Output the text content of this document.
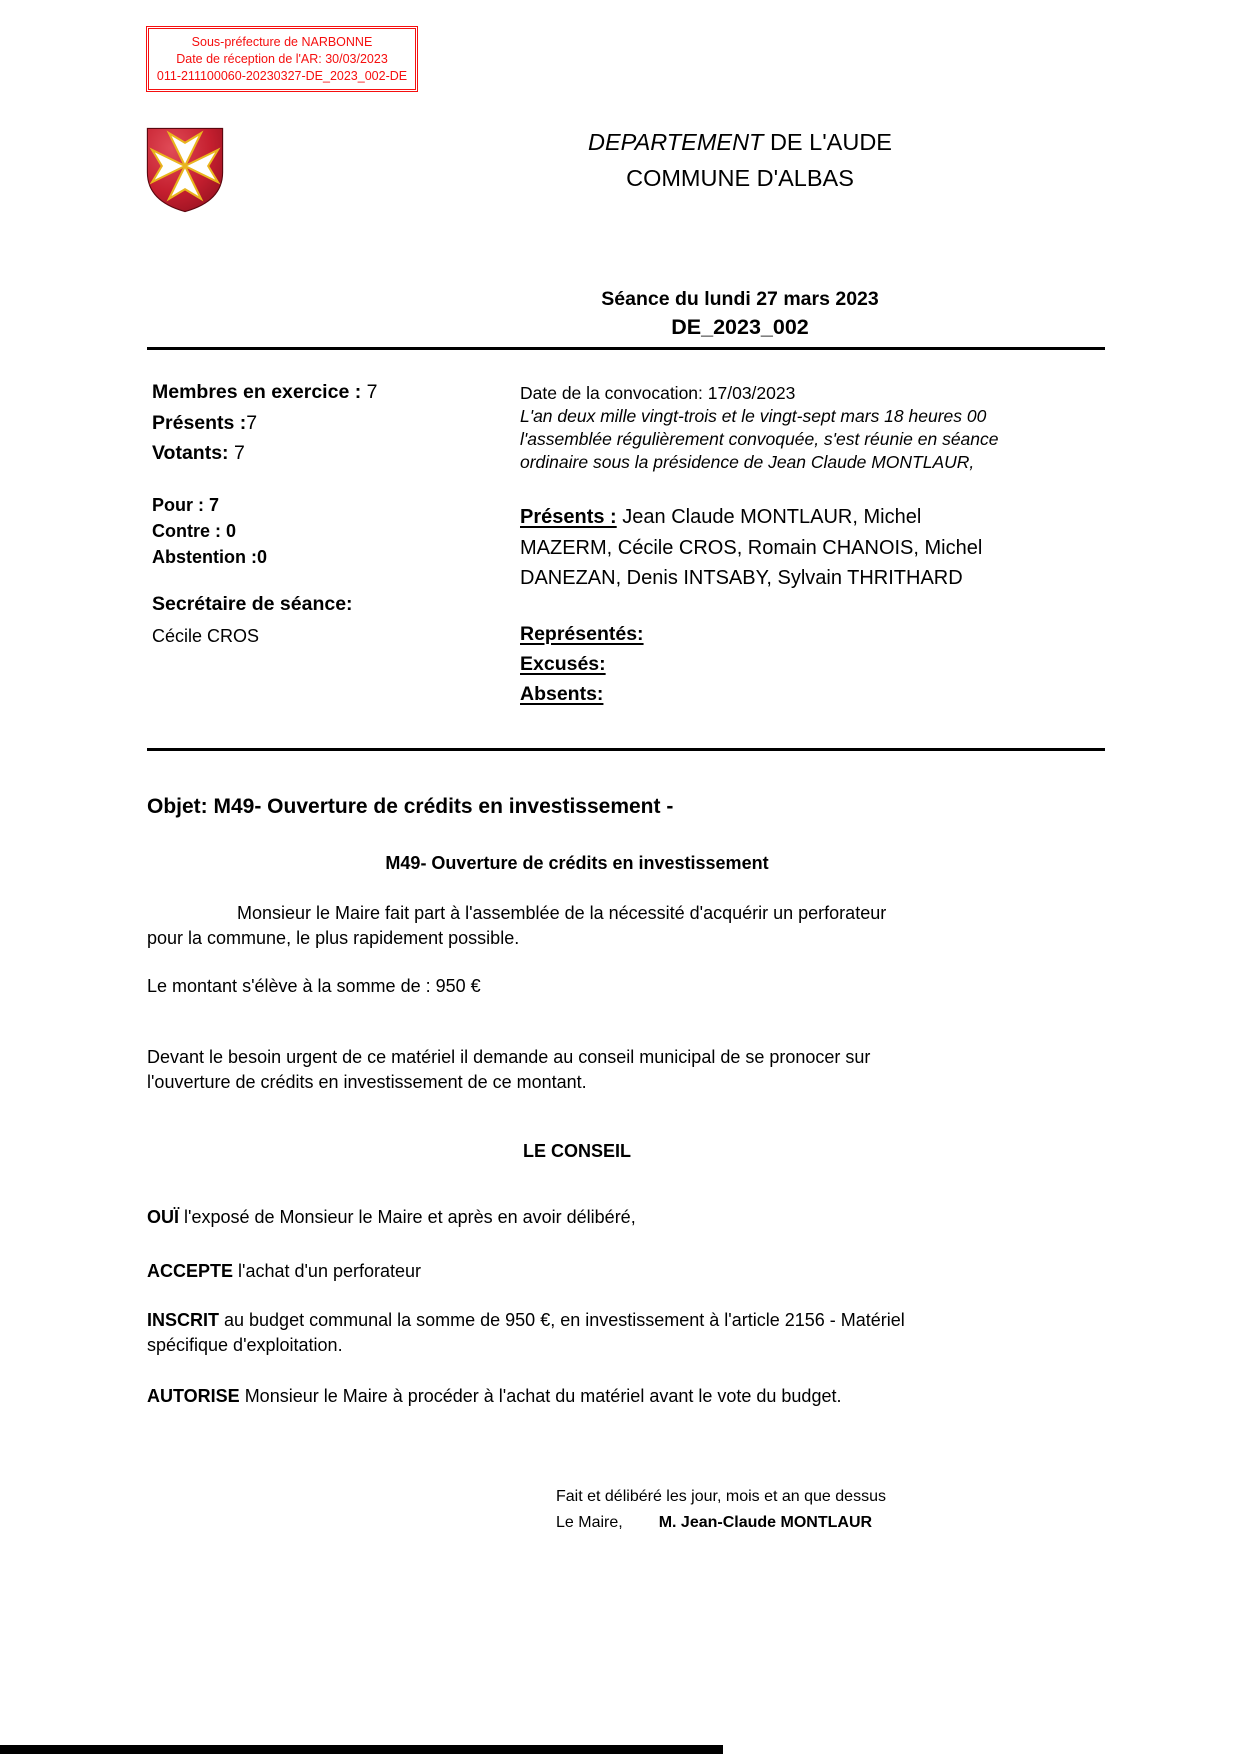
Sous-préfecture de NARBONNE
Date de réception de l'AR: 30/03/2023
011-211100060-20230327-DE_2023_002-DE
DEPARTEMENT DE L'AUDE
COMMUNE D'ALBAS
Séance du lundi 27 mars 2023
DE_2023_002
Membres en exercice : 7
Présents :7
Votants: 7
Pour : 7
Contre : 0
Abstention :0
Secrétaire de séance:
Cécile CROS
Date de la convocation: 17/03/2023
L'an deux mille vingt-trois et le vingt-sept mars 18 heures 00
l'assemblée régulièrement convoquée, s'est réunie en séance
ordinaire sous la présidence de Jean Claude MONTLAUR,
Présents : Jean Claude MONTLAUR, Michel
MAZERM, Cécile CROS, Romain CHANOIS, Michel
DANEZAN, Denis INTSABY, Sylvain THRITHARD
Représentés:
Excusés:
Absents:
Objet: M49- Ouverture de crédits en investissement -
M49- Ouverture de crédits en investissement
Monsieur le Maire fait part à l'assemblée de la nécessité d'acquérir un perforateur
pour la commune, le plus rapidement possible.
Le montant s'élève à la somme de : 950 €
Devant le besoin urgent de ce matériel il demande au conseil municipal de se pronocer sur
l'ouverture de crédits en investissement de ce montant.
LE CONSEIL
OUÏ l'exposé de Monsieur le Maire et après en avoir délibéré,
ACCEPTE l'achat d'un perforateur
INSCRIT au budget communal la somme de 950 €, en investissement à l'article 2156 - Matériel
spécifique d'exploitation.
AUTORISE Monsieur le Maire à procéder à l'achat du matériel avant le vote du budget.
Fait et délibéré les jour, mois et an que dessus
Le Maire, M. Jean-Claude MONTLAUR
